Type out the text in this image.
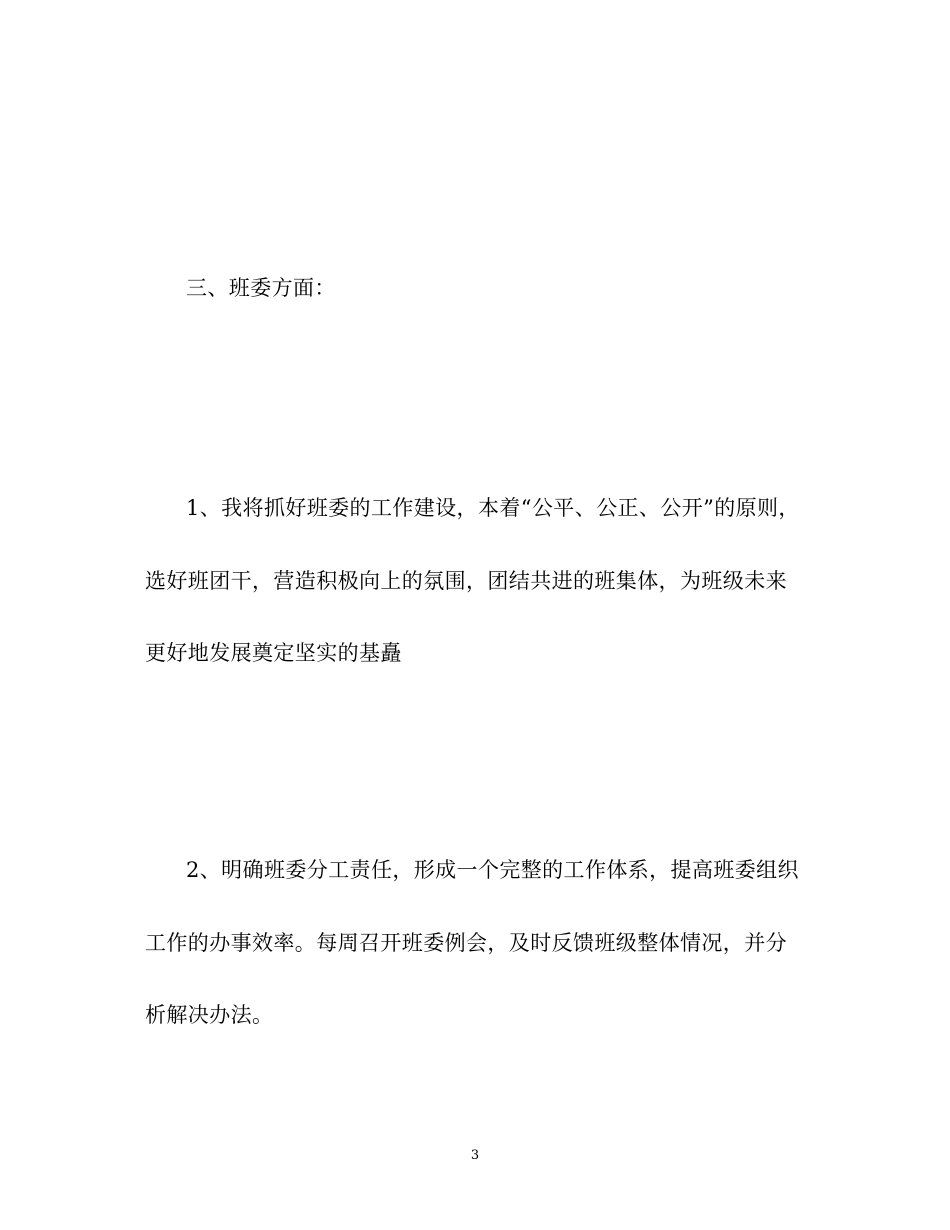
三、班委方面：
1、我将抓好班委的工作建设，本着“公平、公正、公开”的原则，
选好班团干，营造积极向上的氛围，团结共进的班集体，为班级未来
更好地发展奠定坚实的基矗
2、明确班委分工责任，形成一个完整的工作体系，提高班委组织
工作的办事效率。每周召开班委例会，及时反馈班级整体情况，并分
析解决办法。
3
